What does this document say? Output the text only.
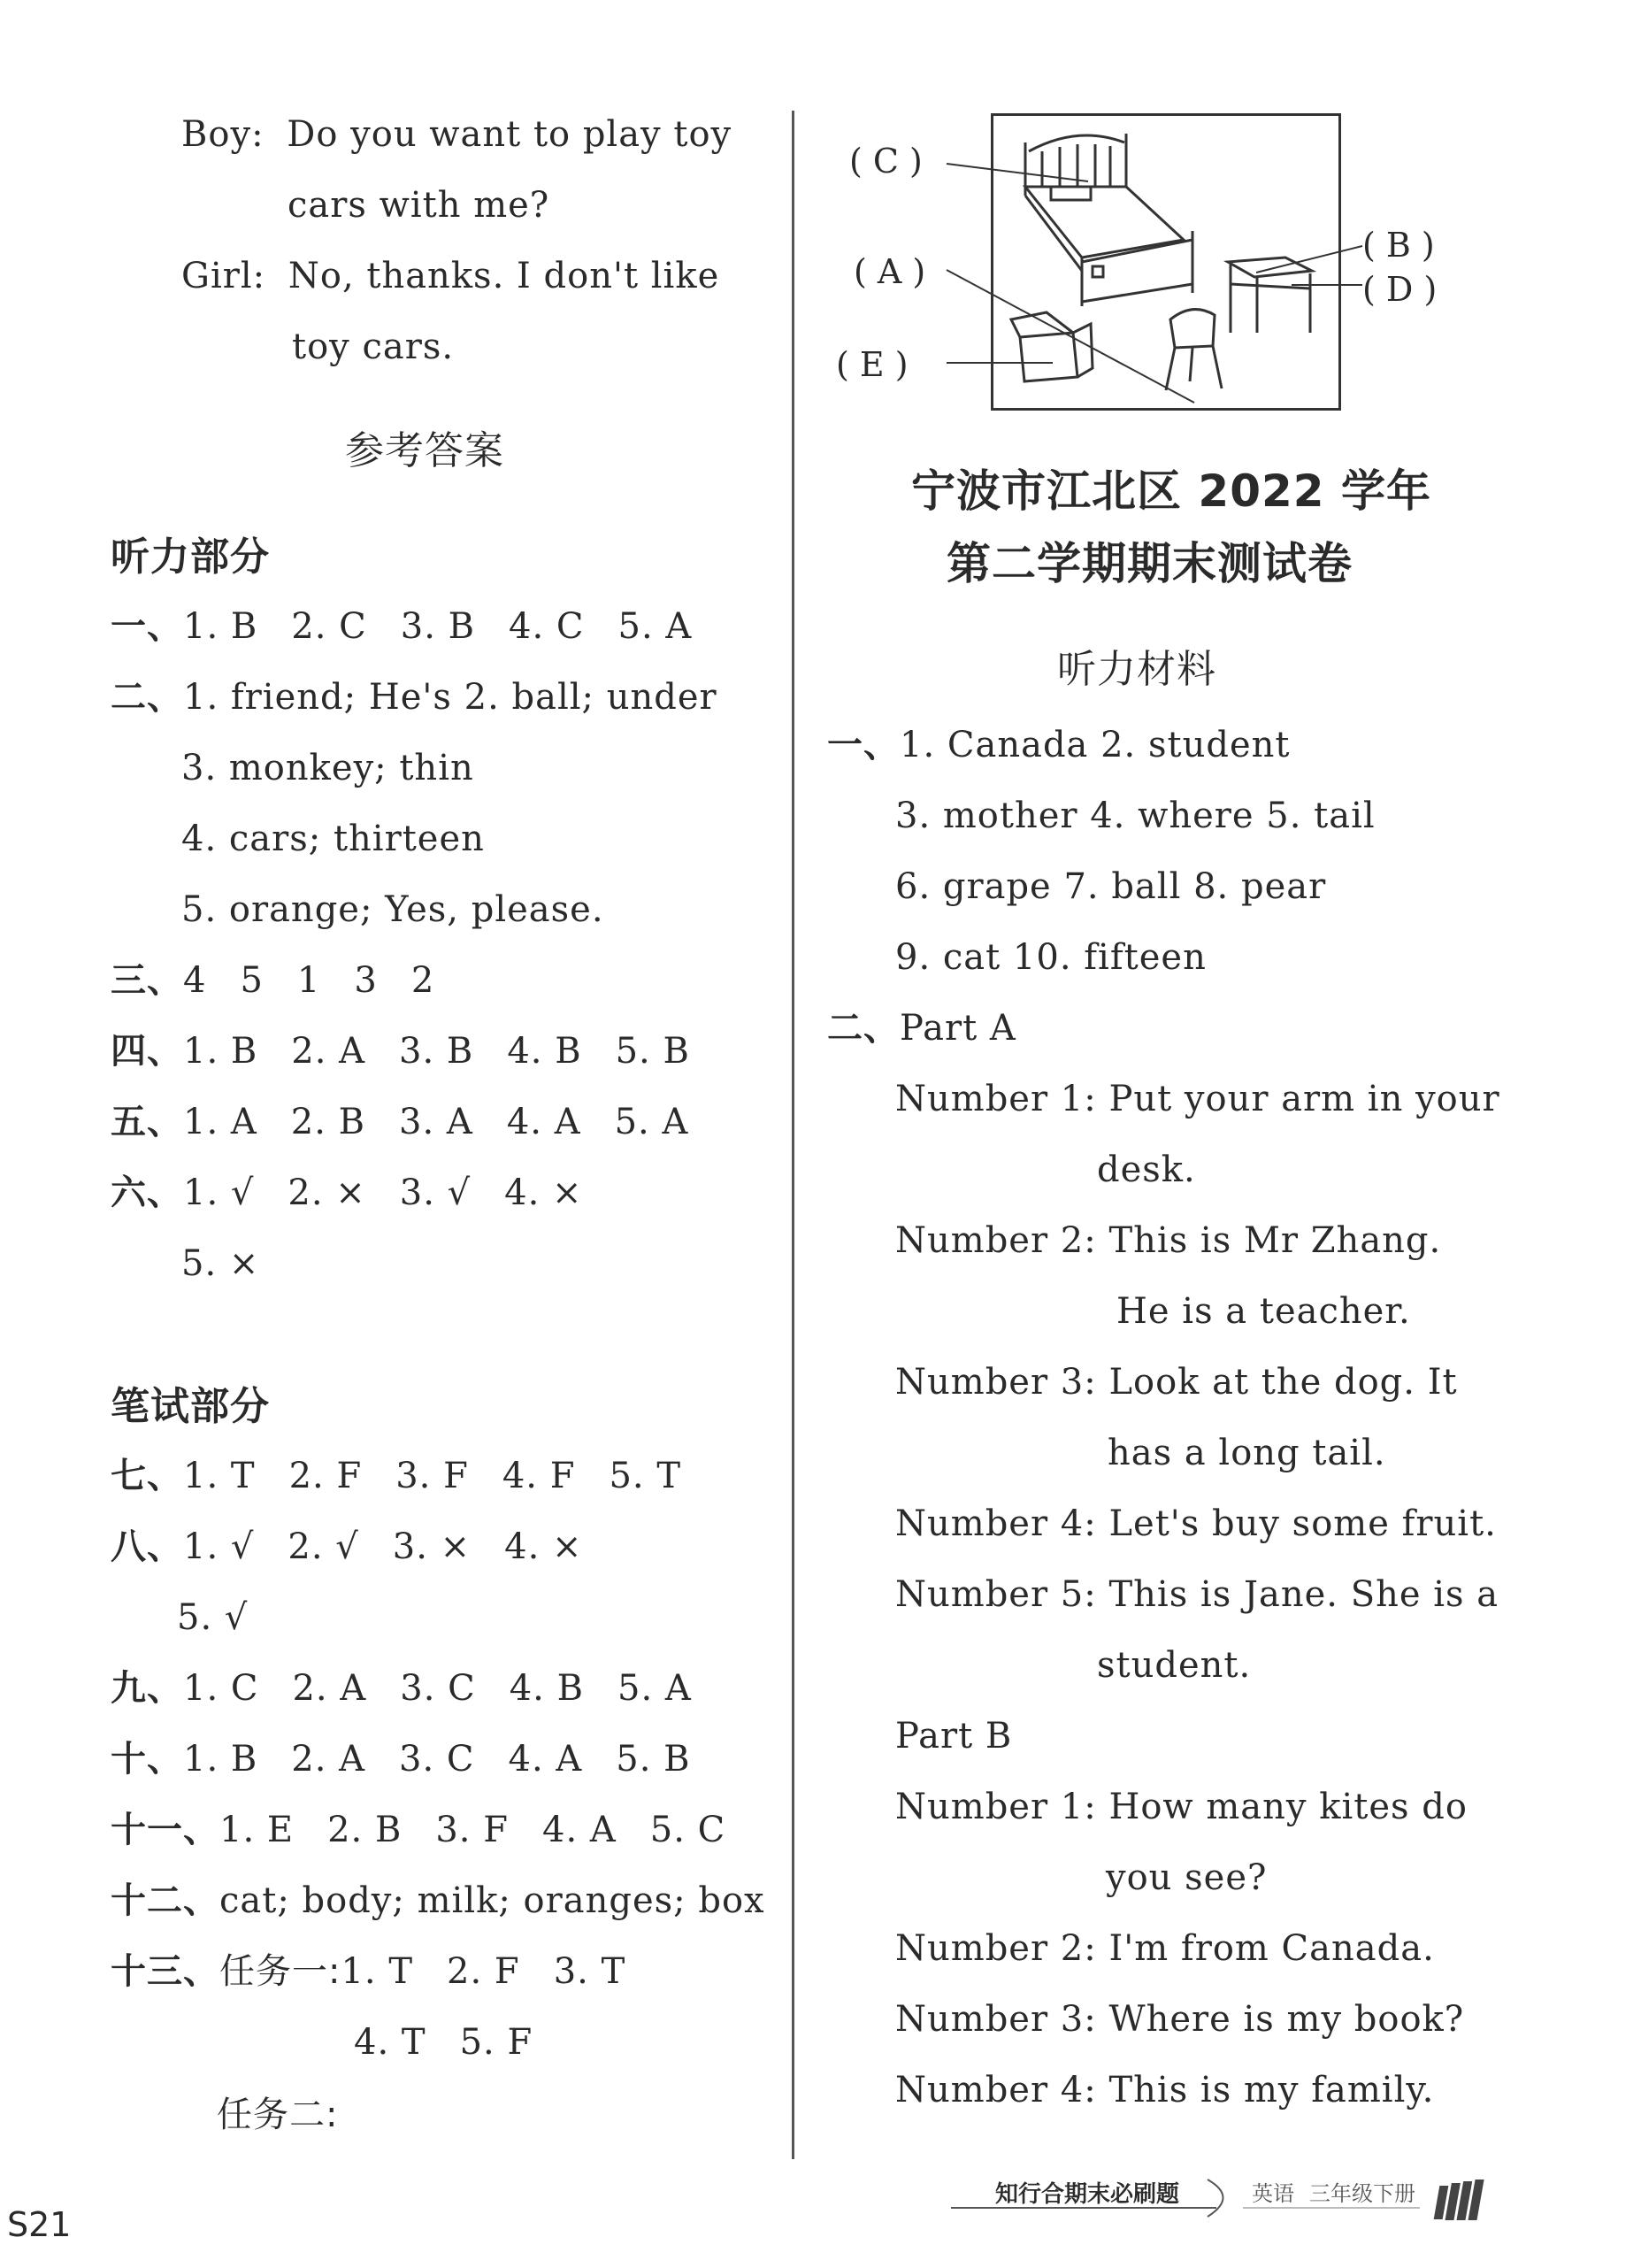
Boy: Do you want to play toy
cars with me?
Girl: No, thanks. I don't like
toy cars.
参考答案
听力部分
一、1. B 2. C 3. B 4. C 5. A
二、1. friend; He's 2. ball; under
3. monkey; thin
4. cars; thirteen
5. orange; Yes, please.
三、4 5 1 3 2
四、1. B 2. A 3. B 4. B 5. B
五、1. A 2. B 3. A 4. A 5. A
六、1. √ 2. × 3. √ 4. ×
5. ×
笔试部分
七、1. T 2. F 3. F 4. F 5. T
八、1. √ 2. √ 3. × 4. ×
5. √
九、1. C 2. A 3. C 4. B 5. A
十、1. B 2. A 3. C 4. A 5. B
十一、1. E 2. B 3. F 4. A 5. C
十二、cat; body; milk; oranges; box
十三、任务一:1. T 2. F 3. T
4. T 5. F
任务二:
( C )
( A )
( E )
( B )
( D )
宁波市江北区 2022 学年
第二学期期末测试卷
听力材料
一、1. Canada 2. student
3. mother 4. where 5. tail
6. grape 7. ball 8. pear
9. cat 10. fifteen
二、Part A
Number 1: Put your arm in your
desk.
Number 2: This is Mr Zhang.
He is a teacher.
Number 3: Look at the dog. It
has a long tail.
Number 4: Let's buy some fruit.
Number 5: This is Jane. She is a
student.
Part B
Number 1: How many kites do
you see?
Number 2: I'm from Canada.
Number 3: Where is my book?
Number 4: This is my family.
知行合期末必刷题	英语 三年级下册
S21
